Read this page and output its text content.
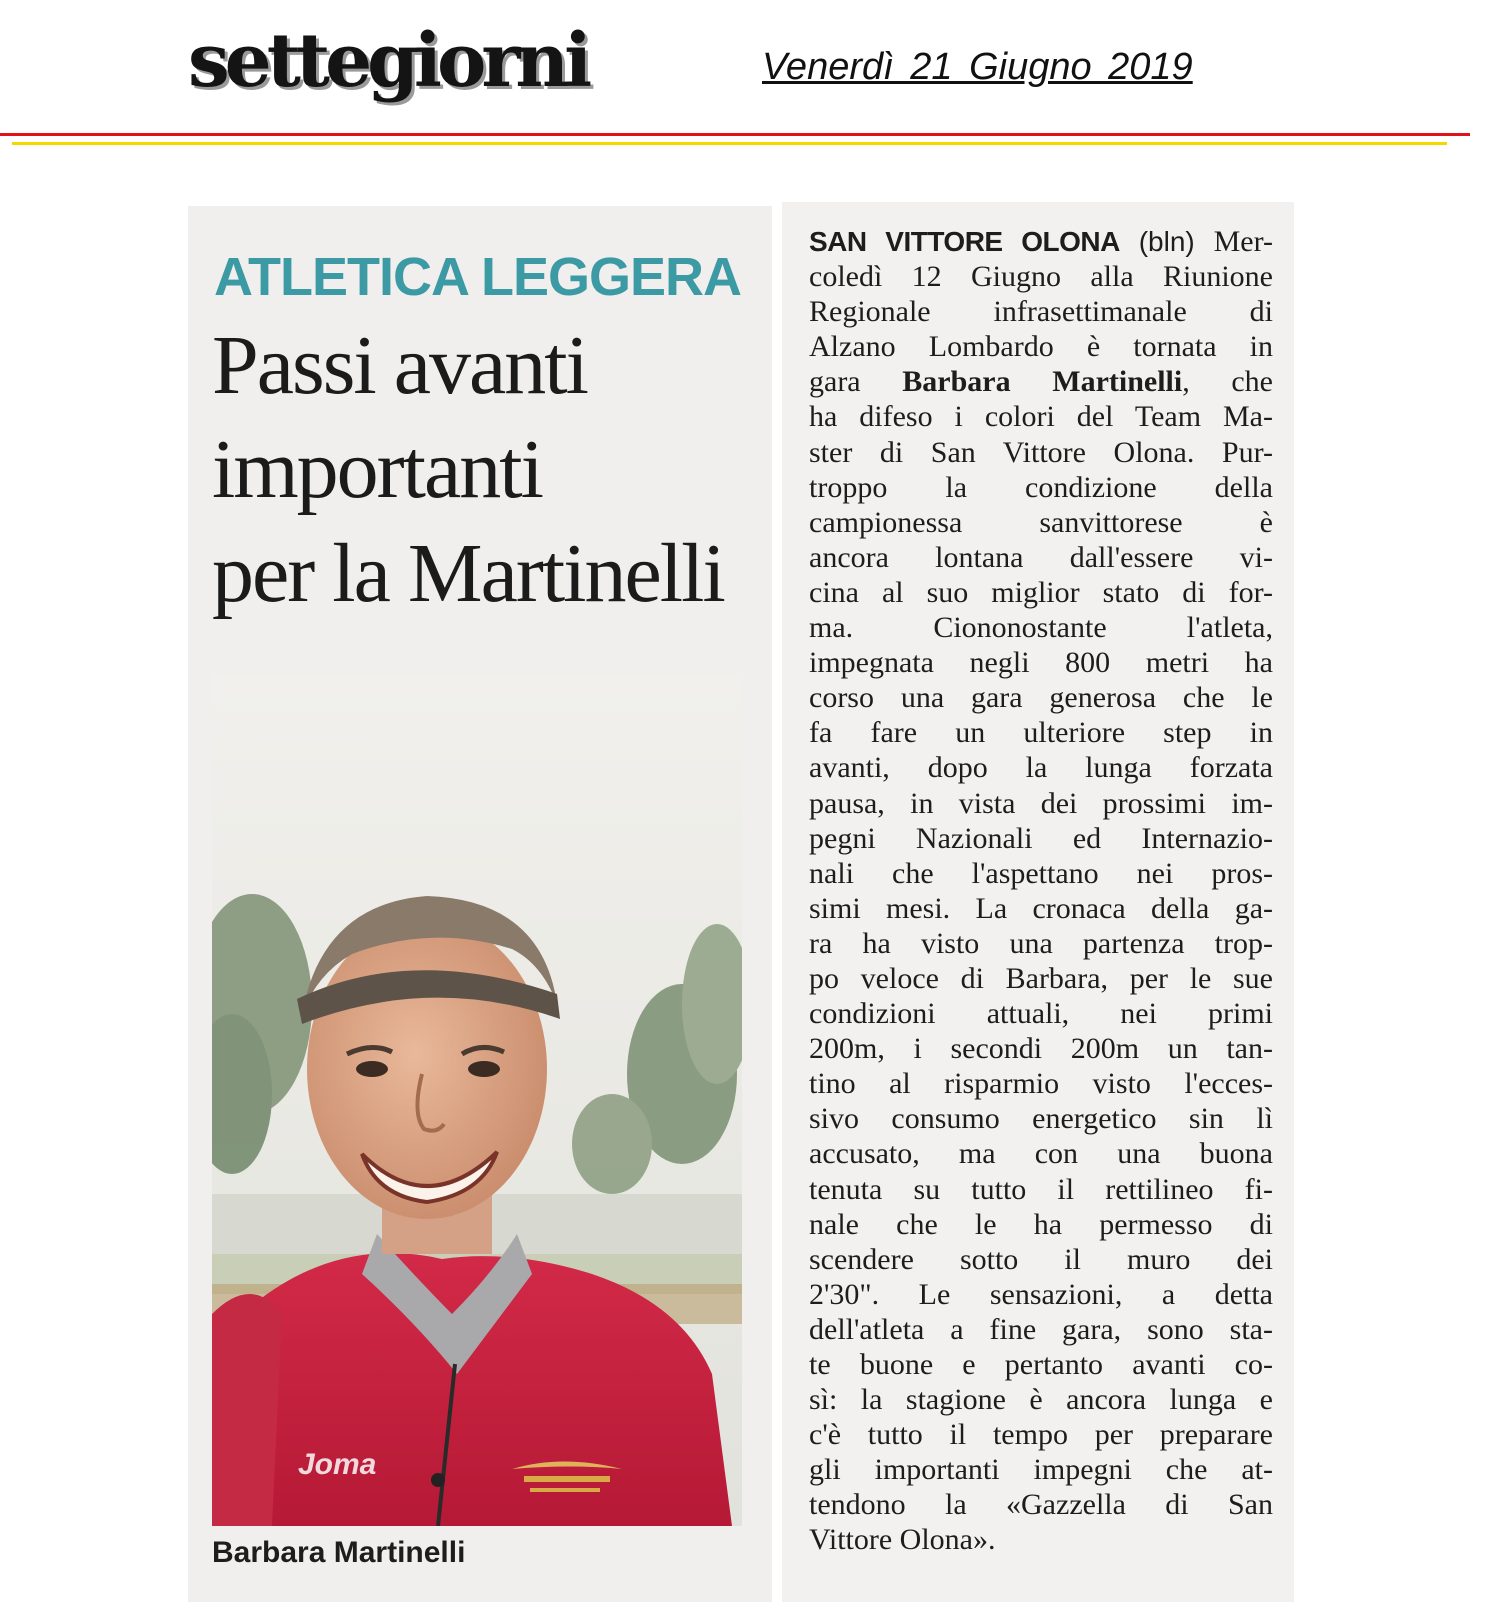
settegiorni	Venerdì 21 Giugno 2019
ATLETICA LEGGERA
Passi avanti
importanti
per la Martinelli
Joma
Barbara Martinelli
SAN VITTORE OLONA (bln) Mer-
coledì 12 Giugno alla Riunione
Regionale infrasettimanale di
Alzano Lombardo è tornata in
gara Barbara Martinelli, che
ha difeso i colori del Team Ma-
ster di San Vittore Olona. Pur-
troppo la condizione della
campionessa sanvittorese è
ancora lontana dall'essere vi-
cina al suo miglior stato di for-
ma. Ciononostante l'atleta,
impegnata negli 800 metri ha
corso una gara generosa che le
fa fare un ulteriore step in
avanti, dopo la lunga forzata
pausa, in vista dei prossimi im-
pegni Nazionali ed Internazio-
nali che l'aspettano nei pros-
simi mesi. La cronaca della ga-
ra ha visto una partenza trop-
po veloce di Barbara, per le sue
condizioni attuali, nei primi
200m, i secondi 200m un tan-
tino al risparmio visto l'ecces-
sivo consumo energetico sin lì
accusato, ma con una buona
tenuta su tutto il rettilineo fi-
nale che le ha permesso di
scendere sotto il muro dei
2'30". Le sensazioni, a detta
dell'atleta a fine gara, sono sta-
te buone e pertanto avanti co-
sì: la stagione è ancora lunga e
c'è tutto il tempo per preparare
gli importanti impegni che at-
tendono la «Gazzella di San
Vittore Olona».
